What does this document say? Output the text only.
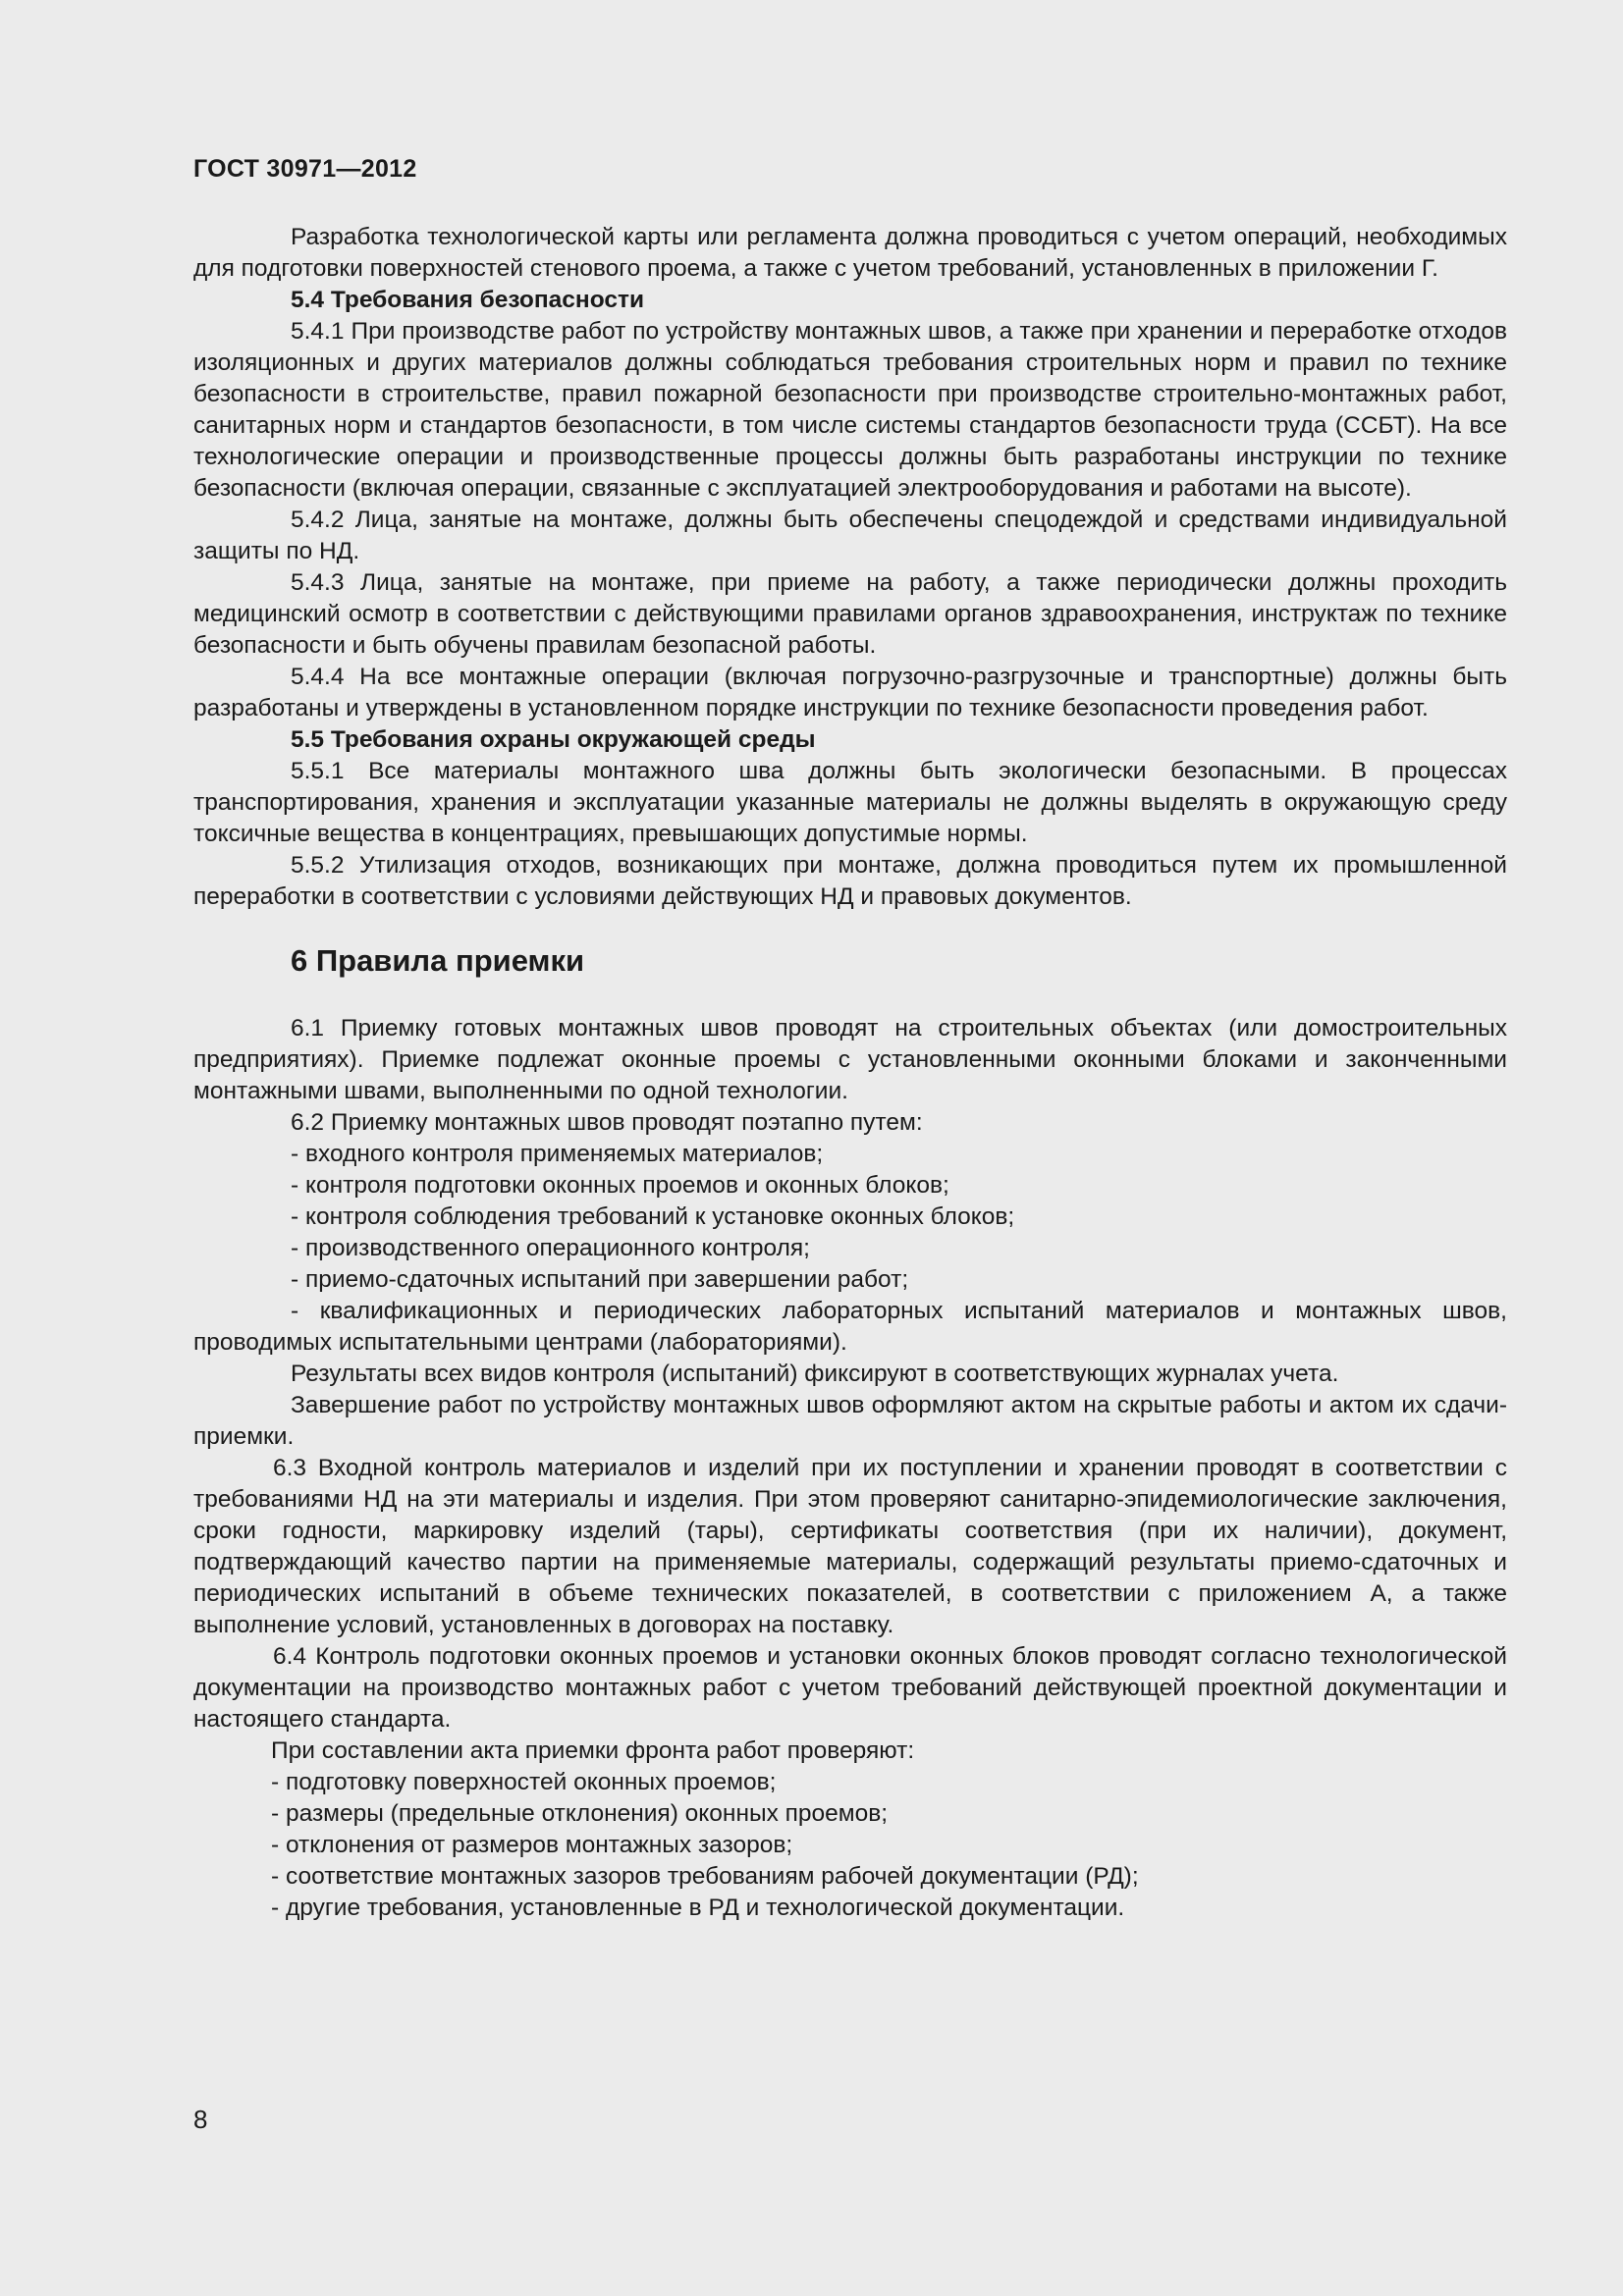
ГОСТ 30971—2012

Разработка технологической карты или регламента должна проводиться с учетом операций, необходимых для подготовки поверхностей стенового проема, а также с учетом требований, установленных в приложении Г.

5.4 Требования безопасности

5.4.1 При производстве работ по устройству монтажных швов, а также при хранении и переработке отходов изоляционных и других материалов должны соблюдаться требования строительных норм и правил по технике безопасности в строительстве, правил пожарной безопасности при производстве строительно-монтажных работ, санитарных норм и стандартов безопасности, в том числе системы стандартов безопасности труда (ССБТ). На все технологические операции и производственные процессы должны быть разработаны инструкции по технике безопасности (включая операции, связанные с эксплуатацией электрооборудования и работами на высоте).

5.4.2 Лица, занятые на монтаже, должны быть обеспечены спецодеждой и средствами индивидуальной защиты по НД.

5.4.3 Лица, занятые на монтаже, при приеме на работу, а также периодически должны проходить медицинский осмотр в соответствии с действующими правилами органов здравоохранения, инструктаж по технике безопасности и быть обучены правилам безопасной работы.

5.4.4 На все монтажные операции (включая погрузочно-разгрузочные и транспортные) должны быть разработаны и утверждены в установленном порядке инструкции по технике безопасности проведения работ.

5.5 Требования охраны окружающей среды

5.5.1 Все материалы монтажного шва должны быть экологически безопасными. В процессах транспортирования, хранения и эксплуатации указанные материалы не должны выделять в окружающую среду токсичные вещества в концентрациях, превышающих допустимые нормы.

5.5.2 Утилизация отходов, возникающих при монтаже, должна проводиться путем их промышленной переработки в соответствии с условиями действующих НД и правовых документов.

6 Правила приемки

6.1 Приемку готовых монтажных швов проводят на строительных объектах (или домостроительных предприятиях). Приемке подлежат оконные проемы с установленными оконными блоками и законченными монтажными швами, выполненными по одной технологии.

6.2 Приемку монтажных швов проводят поэтапно путем:

- входного контроля применяемых материалов;

- контроля подготовки оконных проемов и оконных блоков;

- контроля соблюдения требований к установке оконных блоков;

- производственного операционного контроля;

- приемо-сдаточных испытаний при завершении работ;

- квалификационных и периодических лабораторных испытаний материалов и монтажных швов, проводимых испытательными центрами (лабораториями).

Результаты всех видов контроля (испытаний) фиксируют в соответствующих журналах учета.

Завершение работ по устройству монтажных швов оформляют актом на скрытые работы и актом их сдачи-приемки.

6.3 Входной контроль материалов и изделий при их поступлении и хранении проводят в соответствии с требованиями НД на эти материалы и изделия. При этом проверяют санитарно-эпидемиологические заключения, сроки годности, маркировку изделий (тары), сертификаты соответствия (при их наличии), документ, подтверждающий качество партии на применяемые материалы, содержащий результаты приемо-сдаточных и периодических испытаний в объеме технических показателей, в соответствии с приложением А, а также выполнение условий, установленных в договорах на поставку.

6.4 Контроль подготовки оконных проемов и установки оконных блоков проводят согласно технологической документации на производство монтажных работ с учетом требований действующей проектной документации и настоящего стандарта.

При составлении акта приемки фронта работ проверяют:

- подготовку поверхностей оконных проемов;

- размеры (предельные отклонения) оконных проемов;

- отклонения от размеров монтажных зазоров;

- соответствие монтажных зазоров требованиям рабочей документации (РД);

- другие требования, установленные в РД и технологической документации.

8
